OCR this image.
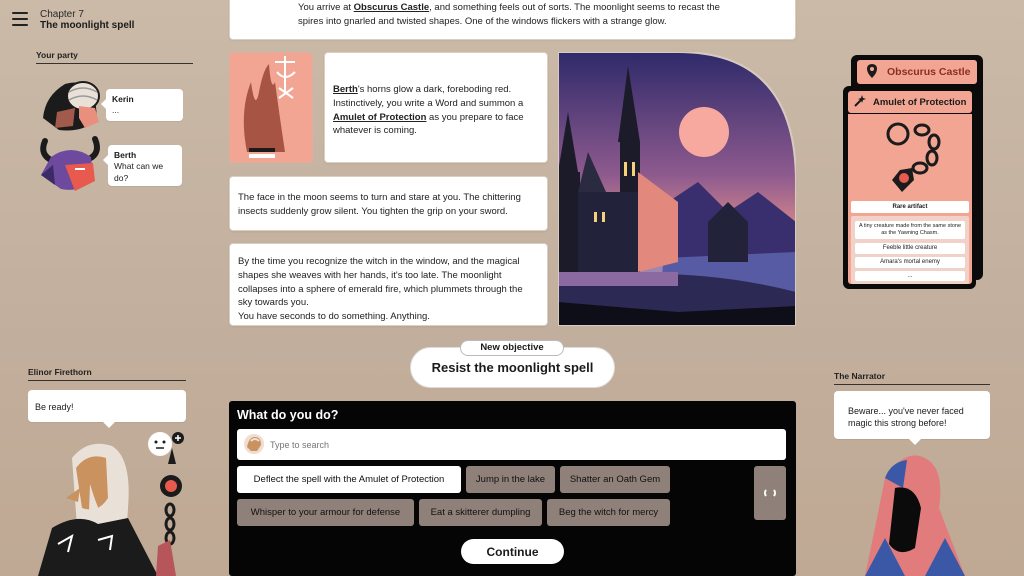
Chapter 7
The moonlight spell
Your party
Kerin
...
Berth
What can we do?
You arrive at Obscurus Castle, and something feels out of sorts. The moonlight seems to recast the spires into gnarled and twisted shapes. One of the windows flickers with a strange glow.
Berth's horns glow a dark, foreboding red. Instinctively, you write a Word and summon a Amulet of Protection as you prepare to face whatever is coming.
The face in the moon seems to turn and stare at you. The chittering insects suddenly grow silent. You tighten the grip on your sword.
By the time you recognize the witch in the window, and the magical shapes she weaves with her hands, it's too late. The moonlight collapses into a sphere of emerald fire, which plummets through the sky towards you.
You have seconds to do something. Anything.
Obscurus Castle
Amulet of Protection
Rare artifact
A tiny creature made from the same stone as the Yawning Chasm.
Feeble little creature
Amara's mortal enemy
...
Elinor Firethorn
Be ready!
The Narrator
Beware... you've never faced magic this strong before!
Resist the moonlight spell
New objective
What do you do?
Type to search
Deflect the spell with the Amulet of Protection	Jump in the lake	Shatter an Oath Gem
Whisper to your armour for defense	Eat a skitterer dumpling	Beg the witch for mercy
Continue
